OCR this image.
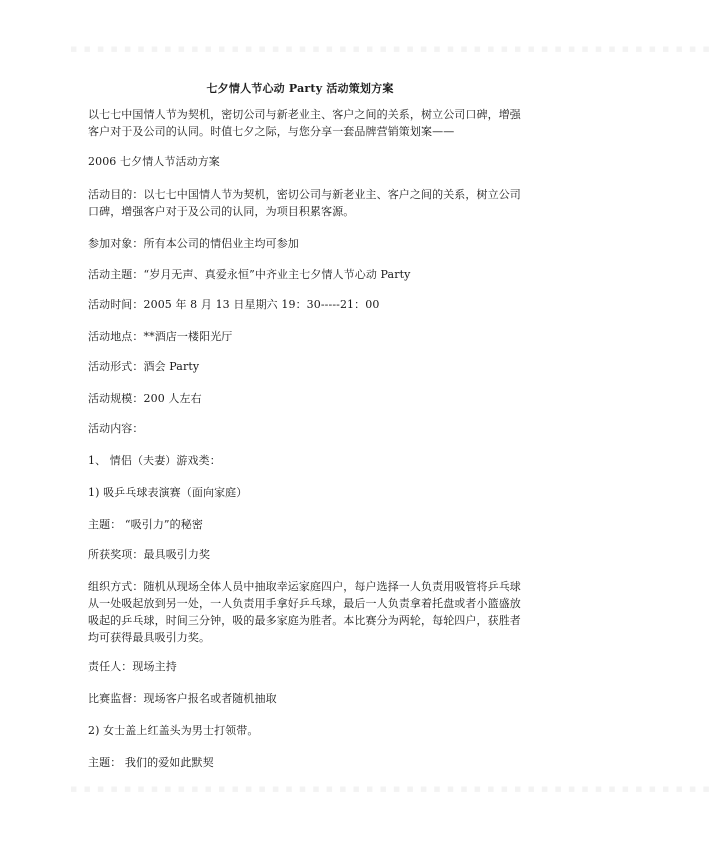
▪▪▪▪▪▪▪▪▪▪▪▪▪▪▪▪▪▪▪▪▪▪▪▪▪▪▪▪▪▪▪▪▪▪▪▪▪▪▪▪▪▪▪▪▪▪▪▪
七夕情人节心动 Party 活动策划方案

以七七中国情人节为契机，密切公司与新老业主、客户之间的关系，树立公司口碑，增强客户对于及公司的认同。时值七夕之际，与您分享一套品牌营销策划案——

2006 七夕情人节活动方案

活动目的：以七七中国情人节为契机，密切公司与新老业主、客户之间的关系，树立公司口碑，增强客户对于及公司的认同，为项目积累客源。

参加对象：所有本公司的情侣业主均可参加

活动主题：“岁月无声、真爱永恒”中齐业主七夕情人节心动 Party

活动时间：2005 年 8 月 13 日星期六 19：30-----21：00

活动地点：**酒店一楼阳光厅

活动形式：酒会 Party

活动规模：200 人左右

活动内容：

1、 情侣（夫妻）游戏类：

1) 吸乒乓球表演赛（面向家庭）

主题： “吸引力”的秘密

所获奖项：最具吸引力奖

组织方式：随机从现场全体人员中抽取幸运家庭四户，每户选择一人负责用吸管将乒乓球从一处吸起放到另一处，一人负责用手拿好乒乓球，最后一人负责拿着托盘或者小篮盛放吸起的乒乓球，时间三分钟，吸的最多家庭为胜者。本比赛分为两轮，每轮四户，获胜者均可获得最具吸引力奖。

责任人：现场主持

比赛监督：现场客户报名或者随机抽取

2) 女士盖上红盖头为男士打领带。

主题： 我们的爱如此默契

▪▪▪▪▪▪▪▪▪▪▪▪▪▪▪▪▪▪▪▪▪▪▪▪▪▪▪▪▪▪▪▪▪▪▪▪▪▪▪▪▪▪▪▪▪▪▪▪
